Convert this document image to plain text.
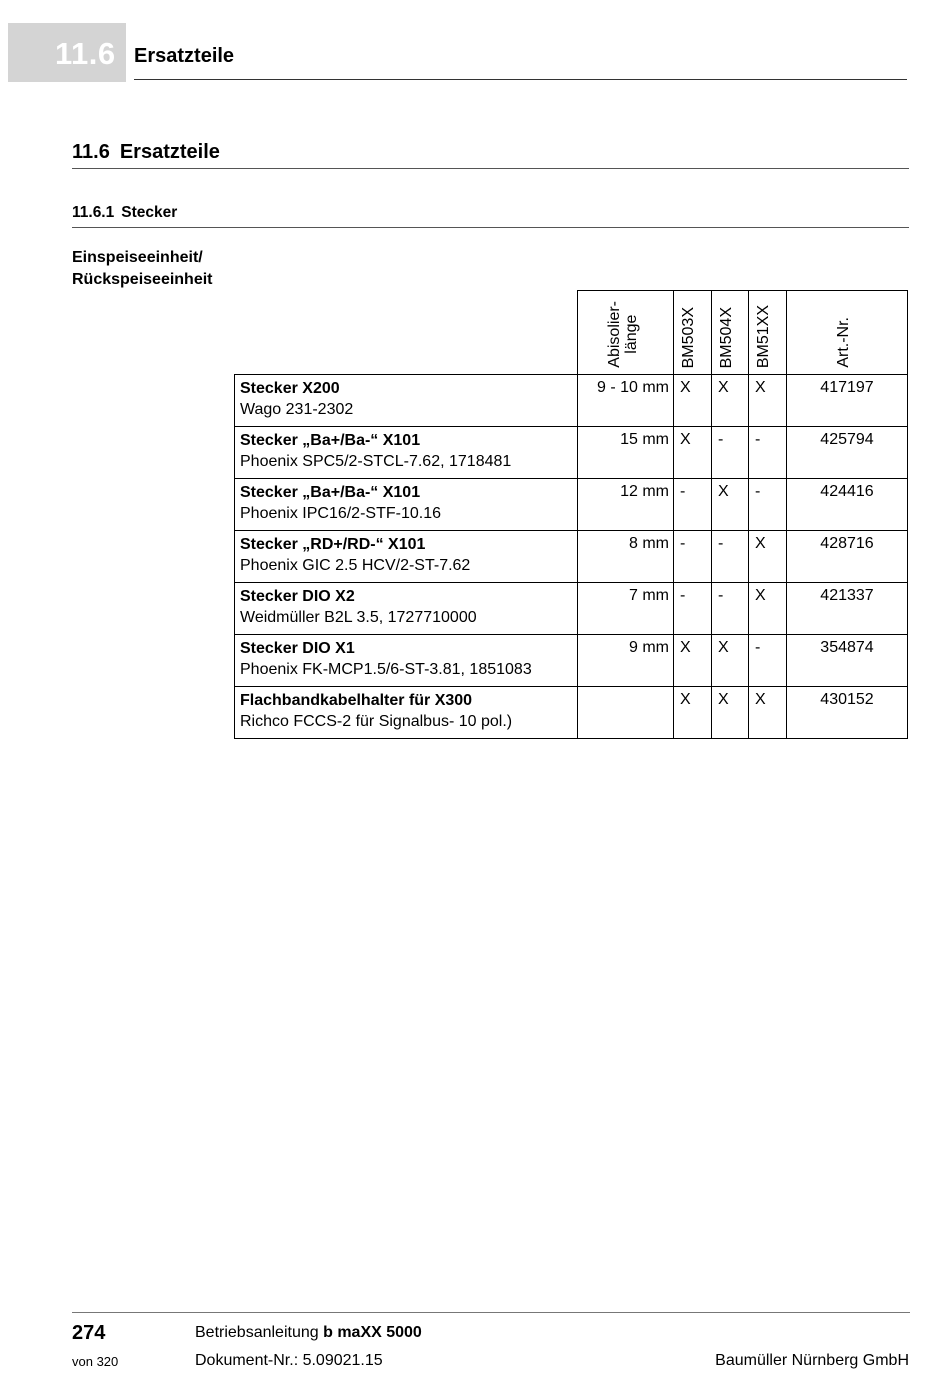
11.6 Ersatzteile
11.6 Ersatzteile
11.6.1 Stecker
Einspeiseeinheit/
Rückspeiseeinheit

	Abisolier-
länge	BM503X	BM504X	BM51XX	Art.-Nr.

Stecker X200
Wago 231-2302	9 - 10 mm	X	X	X	417197

Stecker „Ba+/Ba-“ X101
Phoenix SPC5/2-STCL-7.62, 1718481	15 mm	X	-	-	425794

Stecker „Ba+/Ba-“ X101
Phoenix IPC16/2-STF-10.16	12 mm	-	X	-	424416

Stecker „RD+/RD-“ X101
Phoenix GIC 2.5 HCV/2-ST-7.62	8 mm	-	-	X	428716

Stecker DIO X2
Weidmüller B2L 3.5, 1727710000	7 mm	-	-	X	421337

Stecker DIO X1
Phoenix FK-MCP1.5/6-ST-3.81, 1851083	9 mm	X	X	-	354874

Flachbandkabelhalter für X300
Richco FCCS-2 für Signalbus- 10 pol.)		X	X	X	430152
274
von 320
Betriebsanleitung b maXX 5000
Dokument-Nr.: 5.09021.15	Baumüller Nürnberg GmbH
